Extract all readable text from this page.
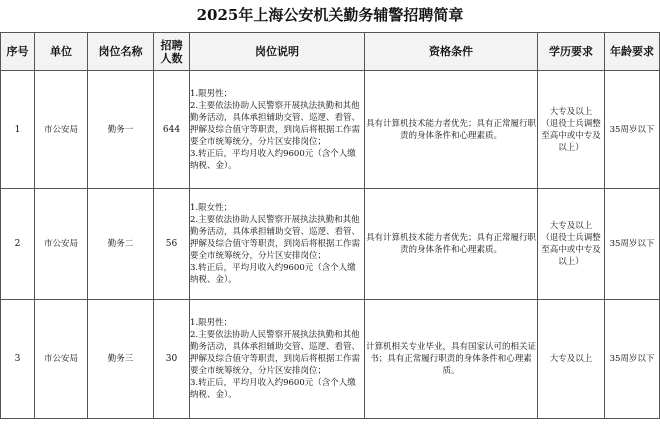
2025年上海公安机关勤务辅警招聘简章
序号	单位	岗位名称	招聘
人数	岗位说明	资格条件	学历要求	年龄要求
1	市公安局	勤务一	644	1.限男性；
2.主要依法协助人民警察开展执法执勤和其他勤务活动，具体承担辅助交管、巡逻、看管、押解及综合值守等职责，到岗后将根据工作需要全市统筹统分，分片区安排岗位；
3.转正后，平均月收入约9600元（含个人缴纳税、金）。	具有计算机技术能力者优先；具有正常履行职责的身体条件和心理素质。	大专及以上
（退役士兵调整至高中或中专及以上）	35周岁以下
2	市公安局	勤务二	56	1.限女性；
2.主要依法协助人民警察开展执法执勤和其他勤务活动，具体承担辅助交管、巡逻、看管、押解及综合值守等职责，到岗后将根据工作需要全市统筹统分，分片区安排岗位；
3.转正后，平均月收入约9600元（含个人缴纳税、金）。	具有计算机技术能力者优先；具有正常履行职责的身体条件和心理素质。	大专及以上
（退役士兵调整至高中或中专及以上）	35周岁以下
3	市公安局	勤务三	30	1.限男性；
2.主要依法协助人民警察开展执法执勤和其他勤务活动，具体承担辅助交管、巡逻、看管、押解及综合值守等职责，到岗后将根据工作需要全市统筹统分，分片区安排岗位；
3.转正后，平均月收入约9600元（含个人缴纳税、金）。	计算机相关专业毕业，具有国家认可的相关证书；具有正常履行职责的身体条件和心理素质。	大专及以上	35周岁以下
